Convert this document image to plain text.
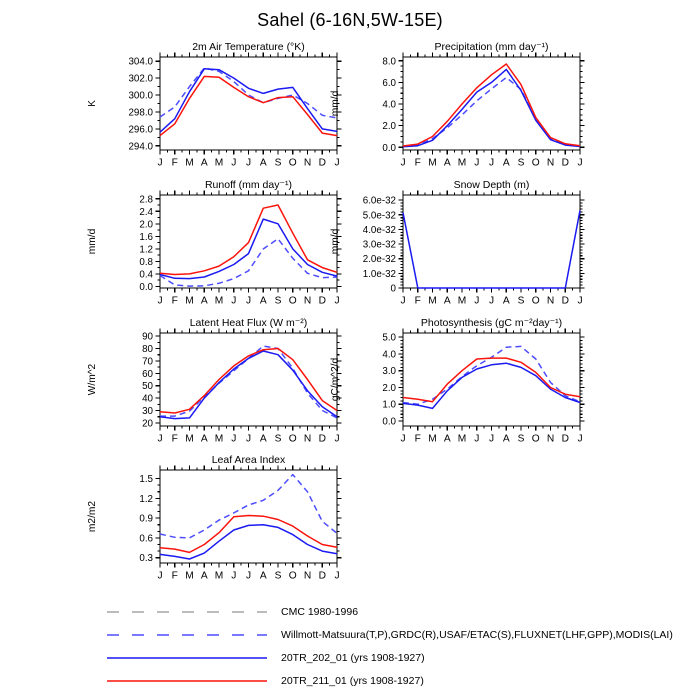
Sahel (6-16N,5W-15E)
294.0
296.0
298.0
300.0
302.0
304.0
J F M A M J J A S O N D J
2m Air Temperature (°K)
K
0.0
2.0
4.0
6.0
8.0
J F M A M J J A S O N D J
Precipitation (mm day⁻¹)
mm/d
0.0
0.4
0.8
1.2
1.6
2.0
2.4
2.8
J F M A M J J A S O N D J
Runoff (mm day⁻¹)
mm/d
0
1.0e-32
2.0e-32
3.0e-32
4.0e-32
5.0e-32
6.0e-32
J F M A M J J A S O N D J
Snow Depth (m)
mm/d
20
30
40
50
60
70
80
90
J F M A M J J A S O N D J
Latent Heat Flux (W m⁻²)
W/m^2
0.0
1.0
2.0
3.0
4.0
5.0
J F M A M J J A S O N D J
Photosynthesis (gC m⁻²day⁻¹)
gC/m^2/d
0.3
0.6
0.9
1.2
1.5
J F M A M J J A S O N D J
Leaf Area Index
m2/m2
CMC 1980-1996
Willmott-Matsuura(T,P),GRDC(R),USAF/ETAC(S),FLUXNET(LHF,GPP),MODIS(LAI)
20TR_202_01 (yrs 1908-1927)
20TR_211_01 (yrs 1908-1927)
